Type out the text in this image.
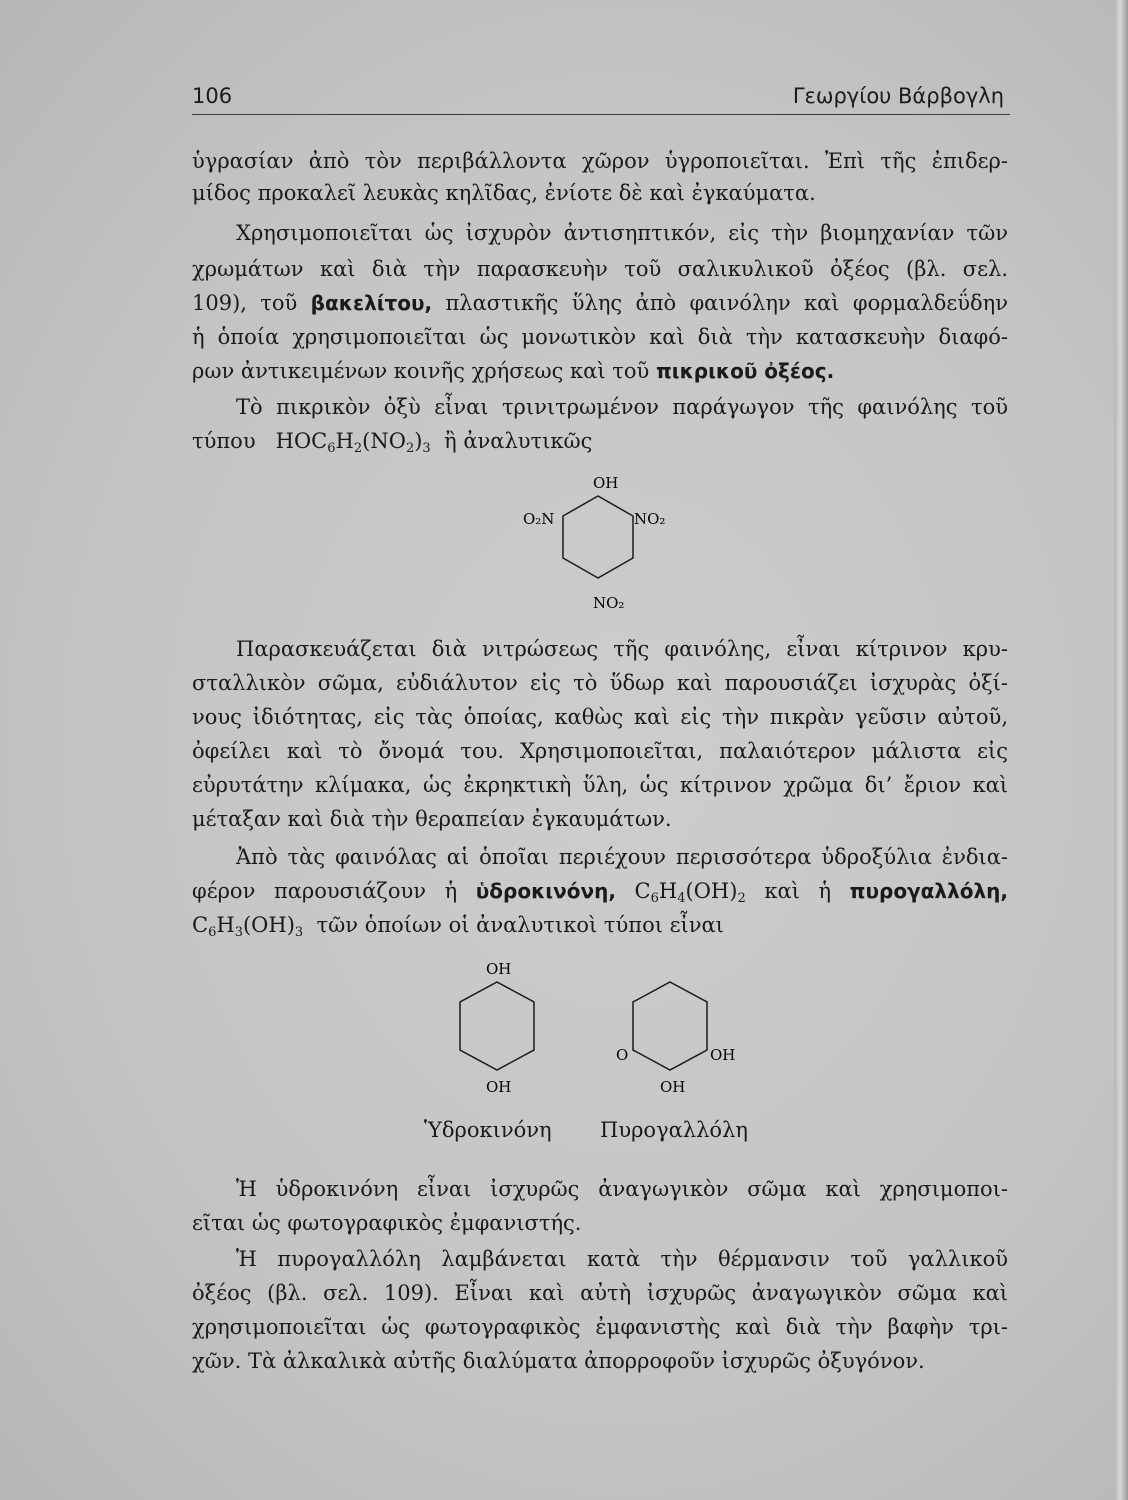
106	Γεωργίου Βάρβογλη
ὑγρασίαν ἀπὸ τὸν περιβάλλοντα χῶρον ὑγροποιεῖται. Ἐπὶ τῆς ἐπιδερ-
μίδος προκαλεῖ λευκὰς κηλῖδας, ἐνίοτε δὲ καὶ ἐγκαύματα.
Χρησιμοποιεῖται ὡς ἰσχυρὸν ἀντισηπτικόν, εἰς τὴν βιομηχανίαν τῶν
χρωμάτων καὶ διὰ τὴν παρασκευὴν τοῦ σαλικυλικοῦ ὀξέος (βλ. σελ.
109), τοῦ βακελίτου, πλαστικῆς ὕλης ἀπὸ φαινόλην καὶ φορμαλδεΰδην
ἡ ὁποία χρησιμοποιεῖται ὡς μονωτικὸν καὶ διὰ τὴν κατασκευὴν διαφό-
ρων ἀντικειμένων κοινῆς χρήσεως καὶ τοῦ πικρικοῦ ὀξέος.
Τὸ πικρικὸν ὀξὺ εἶναι τρινιτρωμένον παράγωγον τῆς φαινόλης τοῦ
τύπου $HOC_6H_2(NO_2)_3$ ἢ ἀναλυτικῶς
OH
O₂N	NO₂
NO₂
Παρασκευάζεται διὰ νιτρώσεως τῆς φαινόλης, εἶναι κίτρινον κρυ-
σταλλικὸν σῶμα, εὐδιάλυτον εἰς τὸ ὕδωρ καὶ παρουσιάζει ἰσχυρὰς ὀξί-
νους ἰδιότητας, εἰς τὰς ὁποίας, καθὼς καὶ εἰς τὴν πικρὰν γεῦσιν αὐτοῦ,
ὀφείλει καὶ τὸ ὄνομά του. Χρησιμοποιεῖται, παλαιότερον μάλιστα εἰς
εὐρυτάτην κλίμακα, ὡς ἐκρηκτικὴ ὕλη, ὡς κίτρινον χρῶμα δι’ ἔριον καὶ
μέταξαν καὶ διὰ τὴν θεραπείαν ἐγκαυμάτων.
Ἀπὸ τὰς φαινόλας αἱ ὁποῖαι περιέχουν περισσότερα ὑδροξύλια ἐνδια-
φέρον παρουσιάζουν ἡ ὑδροκινόνη, $C_6H_4(OH)_2$ καὶ ἡ πυρογαλλόλη,
$C_6H_3(OH)_3$ τῶν ὁποίων οἱ ἀναλυτικοὶ τύποι εἶναι
OH
OH
O	OH
OH
Ὑδροκινόνη Πυρογαλλόλη
Ἡ ὑδροκινόνη εἶναι ἰσχυρῶς ἀναγωγικὸν σῶμα καὶ χρησιμοποι-
εῖται ὡς φωτογραφικὸς ἐμφανιστής.
Ἡ πυρογαλλόλη λαμβάνεται κατὰ τὴν θέρμανσιν τοῦ γαλλικοῦ
ὀξέος (βλ. σελ. 109). Εἶναι καὶ αὐτὴ ἰσχυρῶς ἀναγωγικὸν σῶμα καὶ
χρησιμοποιεῖται ὡς φωτογραφικὸς ἐμφανιστὴς καὶ διὰ τὴν βαφὴν τρι-
χῶν. Τὰ ἀλκαλικὰ αὐτῆς διαλύματα ἀπορροφοῦν ἰσχυρῶς ὀξυγόνον.
